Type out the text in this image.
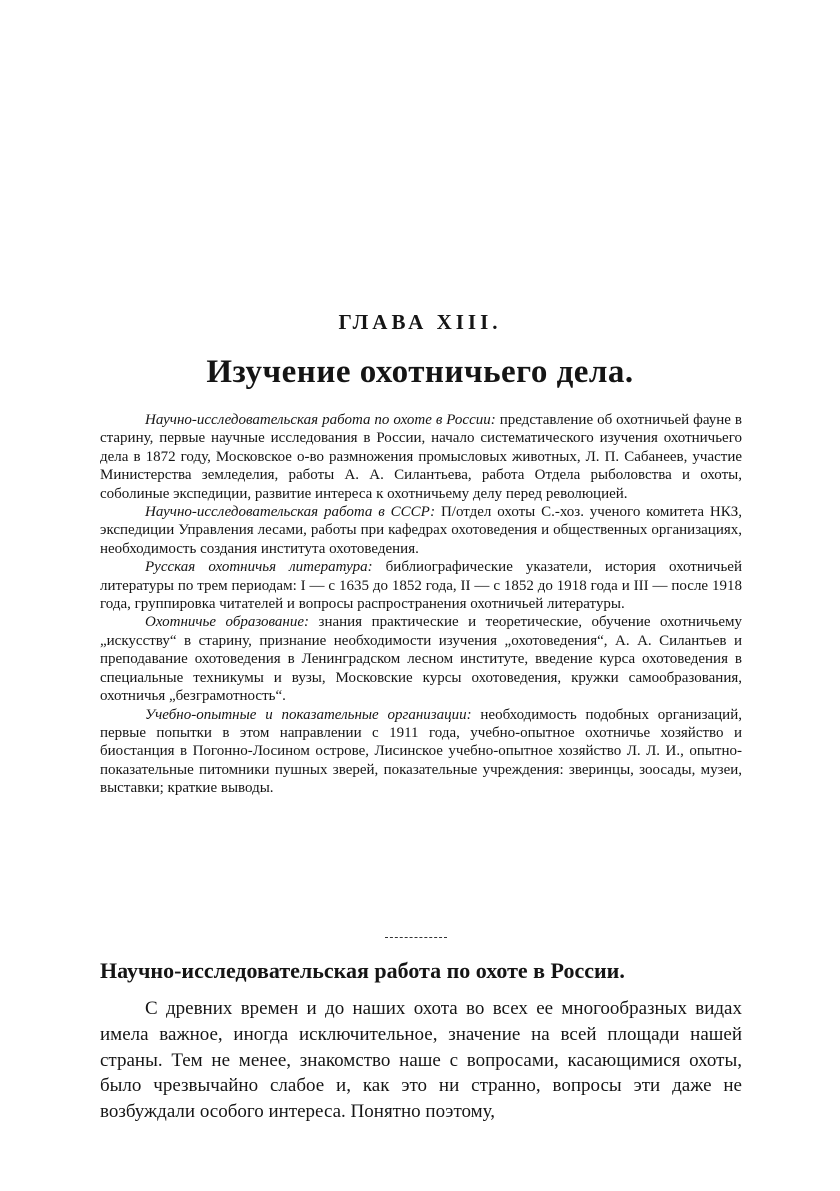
ГЛАВА XIII.
Изучение охотничьего дела.

Научно-исследовательская работа по охоте в России: представление об охотничьей фауне в старину, первые научные исследования в России, начало систематического изучения охотничьего дела в 1872 году, Московское о-во размножения промысловых животных, Л. П. Сабанеев, участие Министерства земледелия, работы А. А. Силантьева, работа Отдела рыболовства и охоты, соболиные экспедиции, развитие интереса к охотничьему делу перед революцией.

Научно-исследовательская работа в СССР: П/отдел охоты С.-хоз. ученого комитета НКЗ, экспедиции Управления лесами, работы при кафедрах охотоведения и общественных организациях, необходимость создания института охотоведения.

Русская охотничья литература: библиографические указатели, история охотничьей литературы по трем периодам: I — с 1635 до 1852 года, II — с 1852 до 1918 года и III — после 1918 года, группировка читателей и вопросы распространения охотничьей литературы.

Охотничье образование: знания практические и теоретические, обучение охотничьему „искусству“ в старину, признание необходимости изучения „охотоведения“, А. А. Силантьев и преподавание охотоведения в Ленинградском лесном институте, введение курса охотоведения в специальные техникумы и вузы, Московские курсы охотоведения, кружки самообразования, охотничья „безграмотность“.

Учебно-опытные и показательные организации: необходимость подобных организаций, первые попытки в этом направлении с 1911 года, учебно-опытное охотничье хозяйство и биостанция в Погонно-Лосином острове, Лисинское учебно-опытное хозяйство Л. Л. И., опытно-показательные питомники пушных зверей, показательные учреждения: зверинцы, зоосады, музеи, выставки; краткие выводы.

Научно-исследовательская работа по охоте в России.

С древних времен и до наших охота во всех ее многообразных видах имела важное, иногда исключительное, значение на всей площади нашей страны. Тем не менее, знакомство наше с вопросами, касающимися охоты, было чрезвычайно слабое и, как это ни странно, вопросы эти даже не возбуждали особого интереса. Понятно поэтому,
